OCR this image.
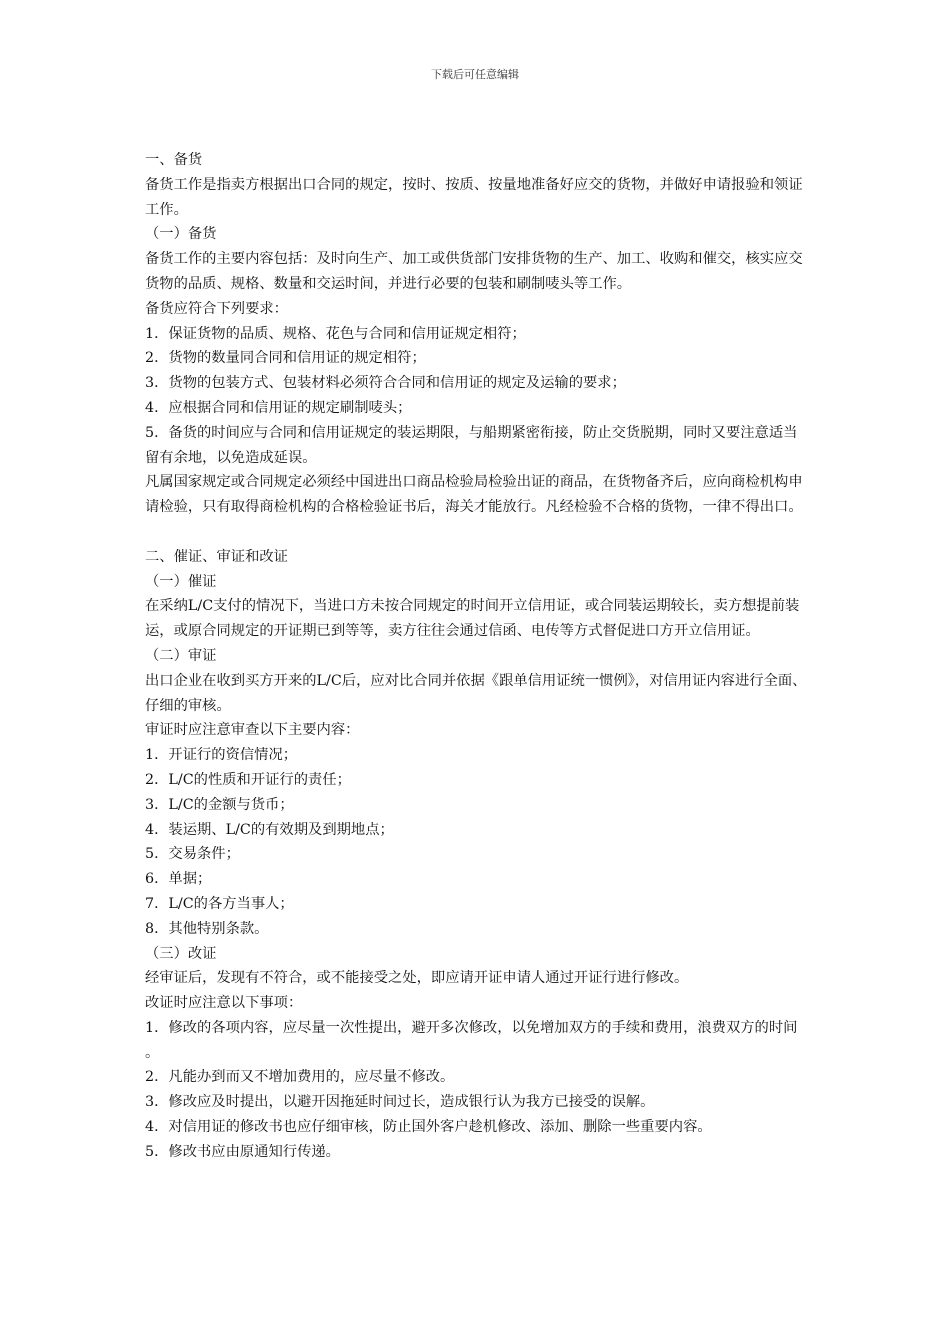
下载后可任意编辑
一、备货
备货工作是指卖方根据出口合同的规定，按时、按质、按量地准备好应交的货物，并做好申请报验和领证工作。
（一）备货
备货工作的主要内容包括：及时向生产、加工或供货部门安排货物的生产、加工、收购和催交，核实应交货物的品质、规格、数量和交运时间，并进行必要的包装和刷制唛头等工作。
备货应符合下列要求：
1．保证货物的品质、规格、花色与合同和信用证规定相符；
2．货物的数量同合同和信用证的规定相符；
3．货物的包装方式、包装材料必须符合合同和信用证的规定及运输的要求；
4．应根据合同和信用证的规定刷制唛头；
5．备货的时间应与合同和信用证规定的装运期限，与船期紧密衔接，防止交货脱期，同时又要注意适当留有余地，以免造成延误。
凡属国家规定或合同规定必须经中国进出口商品检验局检验出证的商品，在货物备齐后，应向商检机构申请检验，只有取得商检机构的合格检验证书后，海关才能放行。凡经检验不合格的货物，一律不得出口。
二、催证、审证和改证
（一）催证
在采纳L/C支付的情况下，当进口方未按合同规定的时间开立信用证，或合同装运期较长，卖方想提前装运，或原合同规定的开证期已到等等，卖方往往会通过信函、电传等方式督促进口方开立信用证。
（二）审证
出口企业在收到买方开来的L/C后，应对比合同并依据《跟单信用证统一惯例》，对信用证内容进行全面、仔细的审核。
审证时应注意审查以下主要内容：
1．开证行的资信情况；
2．L/C的性质和开证行的责任；
3．L/C的金额与货币；
4．装运期、L/C的有效期及到期地点；
5．交易条件；
6．单据；
7．L/C的各方当事人；
8．其他特别条款。
（三）改证
经审证后，发现有不符合，或不能接受之处，即应请开证申请人通过开证行进行修改。
改证时应注意以下事项：
1．修改的各项内容，应尽量一次性提出，避开多次修改，以免增加双方的手续和费用，浪费双方的时间。
2．凡能办到而又不增加费用的，应尽量不修改。
3．修改应及时提出，以避开因拖延时间过长，造成银行认为我方已接受的误解。
4．对信用证的修改书也应仔细审核，防止国外客户趁机修改、添加、删除一些重要内容。
5．修改书应由原通知行传递。
